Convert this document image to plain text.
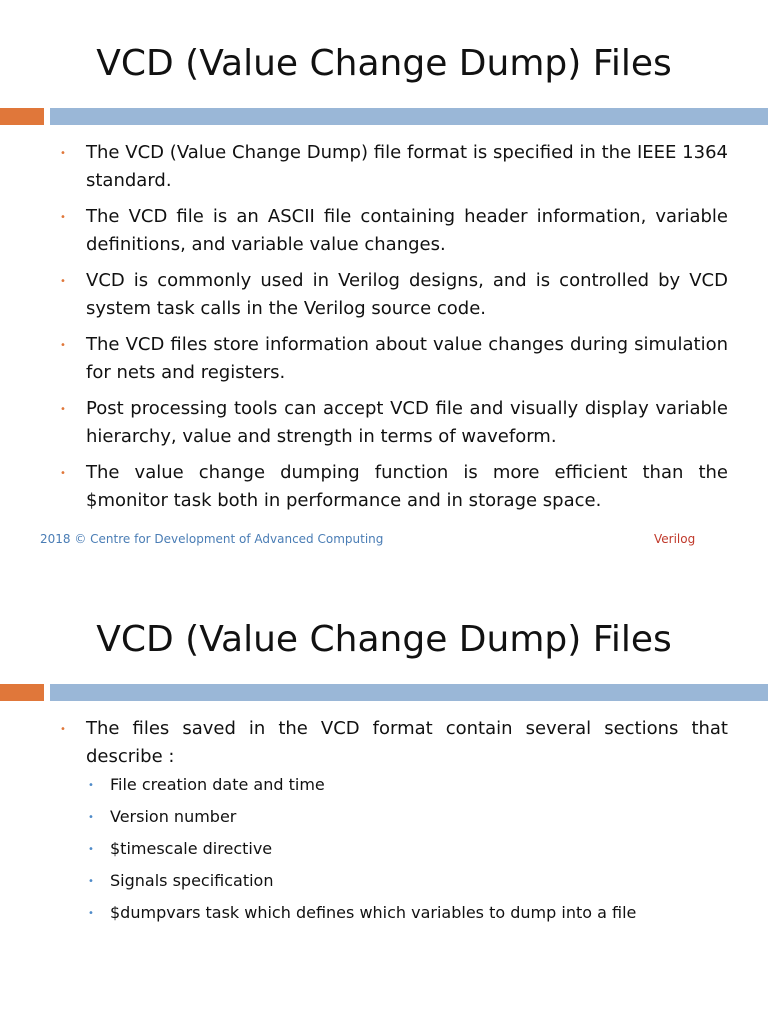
VCD (Value Change Dump) Files
• The VCD (Value Change Dump) file format is specified in the IEEE 1364 standard.
• The VCD file is an ASCII file containing header information, variable definitions, and variable value changes.
• VCD is commonly used in Verilog designs, and is controlled by VCD system task calls in the Verilog source code.
• The VCD files store information about value changes during simulation for nets and registers.
• Post processing tools can accept VCD file and visually display variable hierarchy, value and strength in terms of waveform.
• The value change dumping function is more efficient than the $monitor task both in performance and in storage space.
2018 © Centre for Development of Advanced Computing	Verilog
VCD (Value Change Dump) Files
• The files saved in the VCD format contain several sections that describe :
• File creation date and time
• Version number
• $timescale directive
• Signals specification
• $dumpvars task which defines which variables to dump into a file
